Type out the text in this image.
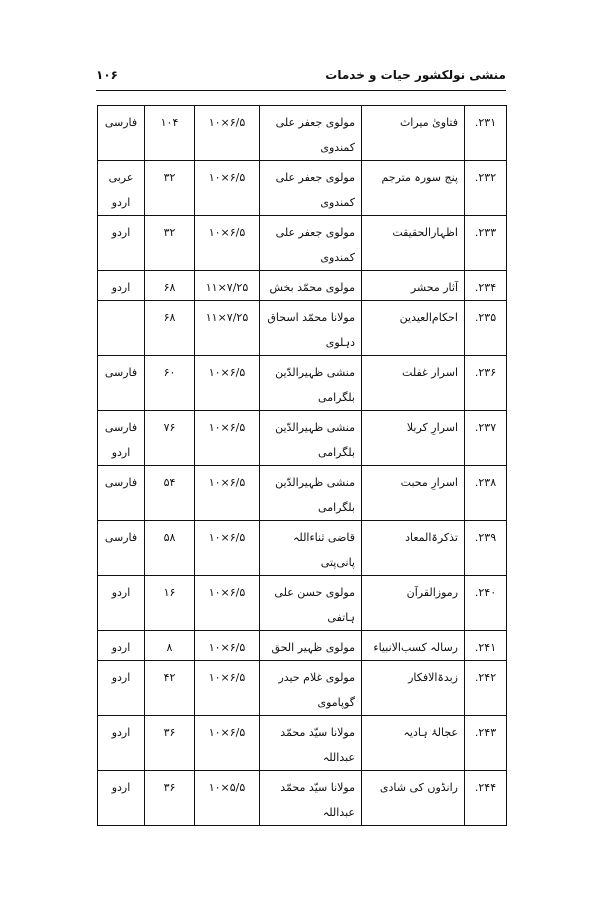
منشی نولکشور حیات و خدمات
۱۰۶
۲۳۱.	فتاویٰ میراث	مولوی جعفر علی
کمندوی	۱۰×۶/۵	۱۰۴	فارسی

۲۳۲.	پنج سورہ مترجم	مولوی جعفر علی
کمندوی	۱۰×۶/۵	۳۲	عربی
اردو

۲۳۳.	اظہارالحقیقت	مولوی جعفر علی
کمندوی	۱۰×۶/۵	۳۲	اردو

۲۳۴.	آثار محشر	مولوی محمّد بخش	۱۱×۷/۲۵	۶۸	اردو

۲۳۵.	احکام‌العیدین	مولانا محمّد اسحاق
دہلوی	۱۱×۷/۲۵	۶۸	

۲۳۶.	اسرار غفلت	منشی ظہیرالدّین
بلگرامی	۱۰×۶/۵	۶۰	فارسی

۲۳۷.	اسرارِ کربلا	منشی ظہیرالدّین
بلگرامی	۱۰×۶/۵	۷۶	فارسی
اردو

۲۳۸.	اسرارِ محبت	منشی ظہیرالدّین
بلگرامی	۱۰×۶/۵	۵۴	فارسی

۲۳۹.	تذکرۃالمعاد	قاضی ثناءاللہ
پانی‌پتی	۱۰×۶/۵	۵۸	فارسی

۲۴۰.	رموزالقرآن	مولوی حسن علی
ہاتفی	۱۰×۶/۵	۱۶	اردو

۲۴۱.	رسالہ کسب‌الانبیاء	مولوی ظہیر الحق	۱۰×۶/۵	۸	اردو

۲۴۲.	زبدۃالافکار	مولوی غلام حیدر
گوپاموی	۱۰×۶/۵	۴۲	اردو

۲۴۳.	عجالۂ ہادیہ	مولانا سیّد محمّد
عبداللہ	۱۰×۶/۵	۳۶	اردو

۲۴۴.	رانڈوں کی شادی	مولانا سیّد محمّد
عبداللہ	۱۰×۵/۵	۳۶	اردو
